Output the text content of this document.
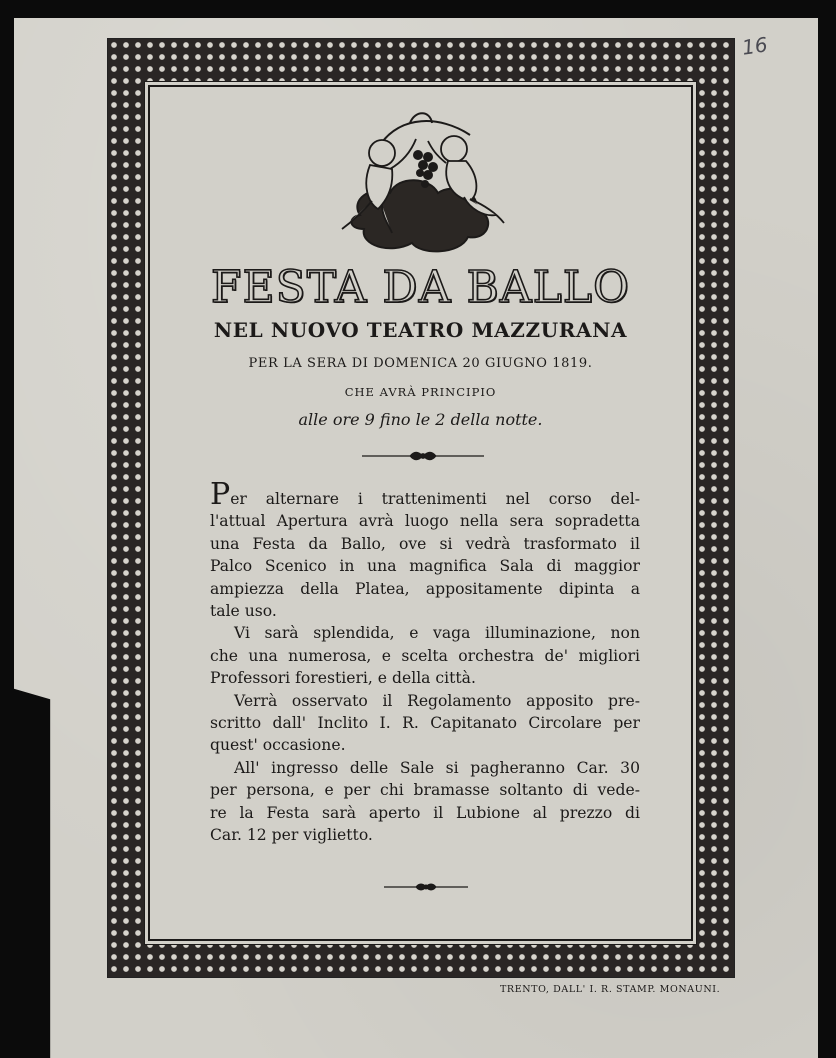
16
FESTA DA BALLO
NEL NUOVO TEATRO MAZZURANA
PER LA SERA DI DOMENICA 20 GIUGNO 1819.
CHE AVRÀ PRINCIPIO
alle ore 9 fino le 2 della notte.

Per alternare i trattenimenti nel corso del-
l'attual Apertura avrà luogo nella sera sopradetta
una Festa da Ballo, ove si vedrà trasformato il
Palco Scenico in una magnifica Sala di maggior
ampiezza della Platea, appositamente dipinta a
tale uso.

Vi sarà splendida, e vaga illuminazione, non
che una numerosa, e scelta orchestra de' migliori
Professori forestieri, e della città.

Verrà osservato il Regolamento apposito pre-
scritto dall' Inclito I. R. Capitanato Circolare per
quest' occasione.

All' ingresso delle Sale si pagheranno Car. 30
per persona, e per chi bramasse soltanto di vede-
re la Festa sarà aperto il Lubione al prezzo di
Car. 12 per viglietto.

TRENTO, DALL' I. R. STAMP. MONAUNI.
